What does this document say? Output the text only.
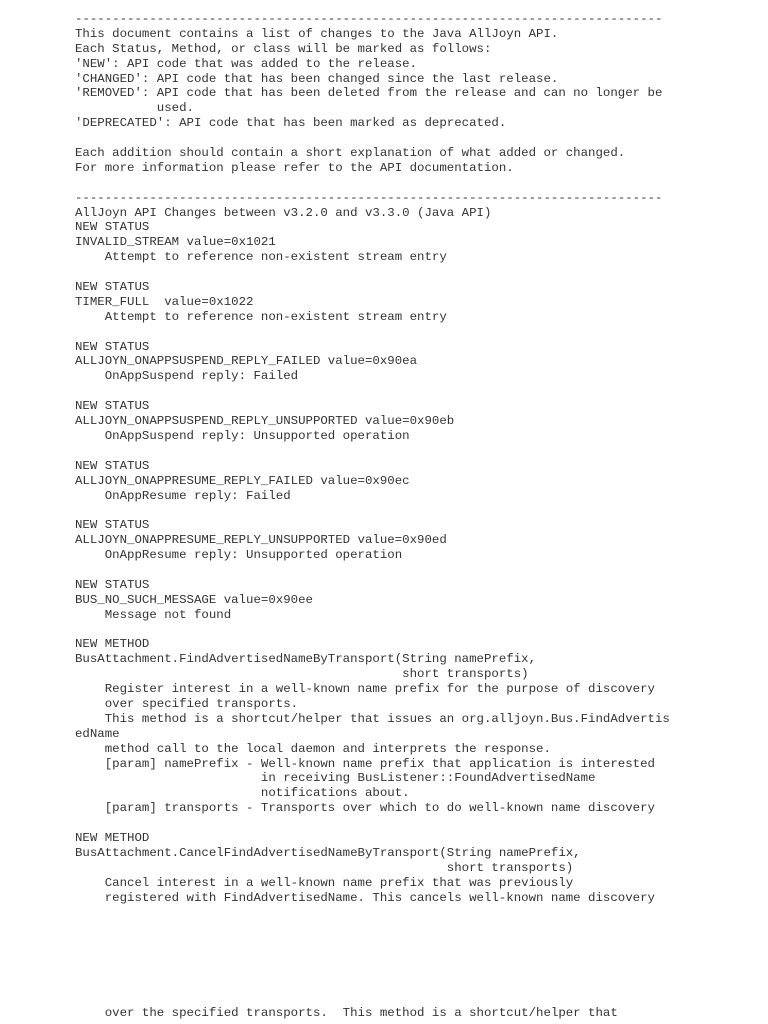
-------------------------------------------------------------------------------
This document contains a list of changes to the Java AllJoyn API.
Each Status, Method, or class will be marked as follows:
'NEW': API code that was added to the release.
'CHANGED': API code that has been changed since the last release.
'REMOVED': API code that has been deleted from the release and can no longer be
used.
'DEPRECATED': API code that has been marked as deprecated.
Each addition should contain a short explanation of what added or changed.
For more information please refer to the API documentation.
-------------------------------------------------------------------------------
AllJoyn API Changes between v3.2.0 and v3.3.0 (Java API)
NEW STATUS
INVALID_STREAM value=0x1021
Attempt to reference non-existent stream entry
NEW STATUS
TIMER_FULL  value=0x1022
Attempt to reference non-existent stream entry
NEW STATUS
ALLJOYN_ONAPPSUSPEND_REPLY_FAILED value=0x90ea
OnAppSuspend reply: Failed
NEW STATUS
ALLJOYN_ONAPPSUSPEND_REPLY_UNSUPPORTED value=0x90eb
OnAppSuspend reply: Unsupported operation
NEW STATUS
ALLJOYN_ONAPPRESUME_REPLY_FAILED value=0x90ec
OnAppResume reply: Failed
NEW STATUS
ALLJOYN_ONAPPRESUME_REPLY_UNSUPPORTED value=0x90ed
OnAppResume reply: Unsupported operation
NEW STATUS
BUS_NO_SUCH_MESSAGE value=0x90ee
Message not found
NEW METHOD
BusAttachment.FindAdvertisedNameByTransport(String namePrefix,
short transports)
Register interest in a well-known name prefix for the purpose of discovery
over specified transports.
This method is a shortcut/helper that issues an org.alljoyn.Bus.FindAdvertis
edName
method call to the local daemon and interprets the response.
[param] namePrefix - Well-known name prefix that application is interested
in receiving BusListener::FoundAdvertisedName
notifications about.
[param] transports - Transports over which to do well-known name discovery
NEW METHOD
BusAttachment.CancelFindAdvertisedNameByTransport(String namePrefix,
short transports)
Cancel interest in a well-known name prefix that was previously
registered with FindAdvertisedName. This cancels well-known name discovery
over the specified transports.  This method is a shortcut/helper that
